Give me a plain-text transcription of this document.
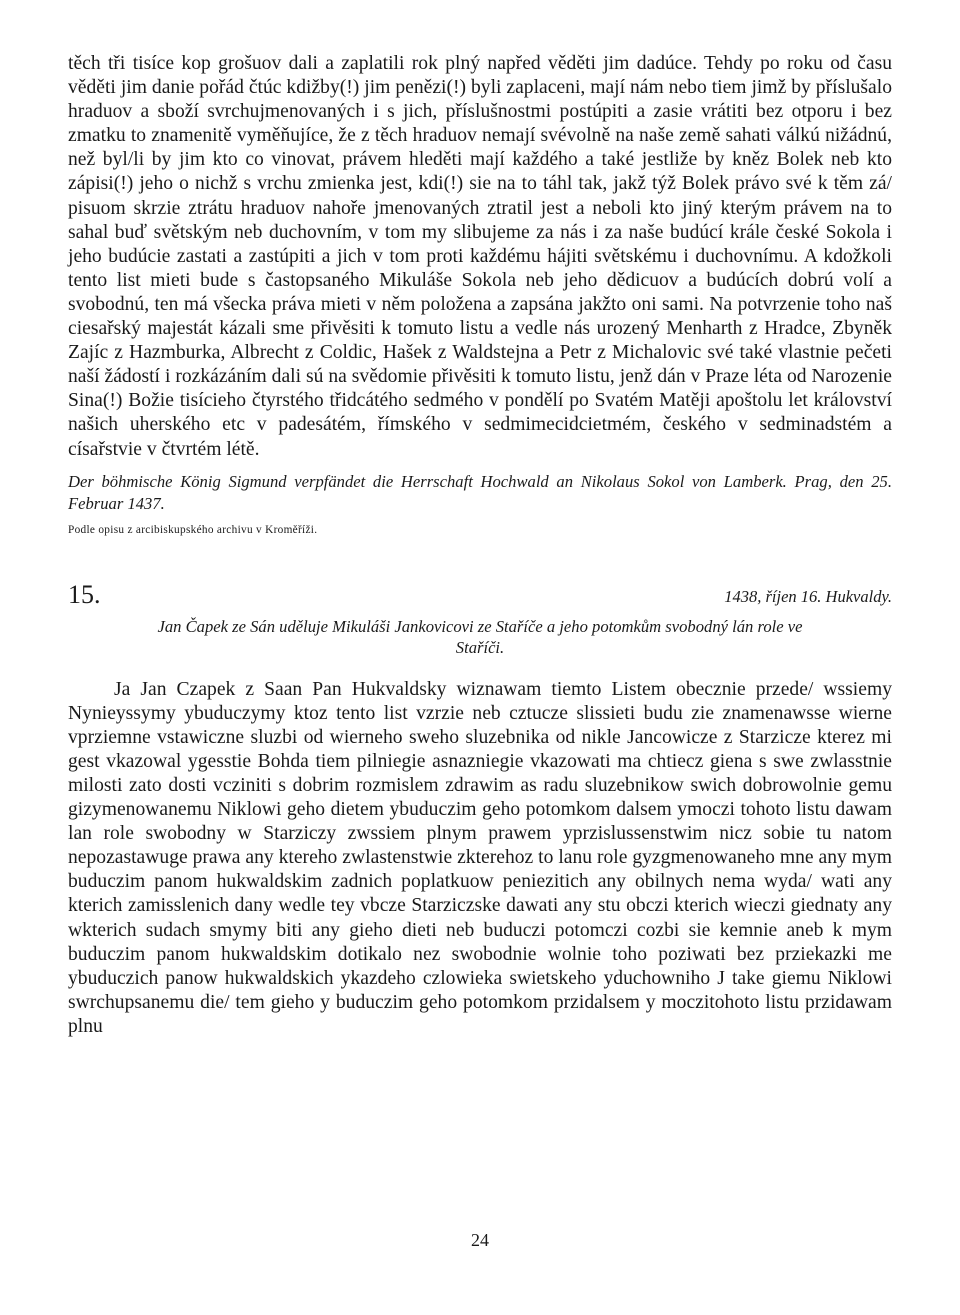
těch tři tisíce kop grošuov dali a zaplatili rok plný napřed věděti jim dadúce. Tehdy po roku od času věděti jim danie pořád čtúc kdižby(!) jim penězi(!) byli zaplaceni, mají nám nebo tiem jimž by příslušalo hraduov a sboží svrchujmenovaných i s jich, příslušnostmi postúpiti a zasie vrátiti bez otporu i bez zmatku to znamenitě vyměňujíce, že z těch hraduov nemají svévolně na naše země sahati válkú nižádnú, než byl/li by jim kto co vinovat, právem hleděti mají každého a také jestliže by kněz Bolek neb kto zápisi(!) jeho o nichž s vrchu zmienka jest, kdi(!) sie na to táhl tak, jakž týž Bolek právo své k těm zá/ pisuom skrzie ztrátu hraduov nahoře jmenovaných ztratil jest a neboli kto jiný kterým právem na to sahal buď světským neb duchovním, v tom my slibujeme za nás i za naše budúcí krále české Sokola i jeho budúcie zastati a zastúpiti a jich v tom proti každému hájiti světskému i duchovnímu. A kdožkoli tento list mieti bude s častopsaného Mikuláše Sokola neb jeho dědicuov a budúcích dobrú volí a svobodnú, ten má všecka práva mieti v něm položena a zapsána jakžto oni sami. Na potvrzenie toho naš ciesařský majestát kázali sme přivěsiti k tomuto listu a vedle nás urozený Menharth z Hradce, Zbyněk Zajíc z Hazmburka, Albrecht z Coldic, Hašek z Waldstejna a Petr z Michalovic své také vlastnie pečeti naší žádostí i rozkázáním dali sú na svědomie přivěsiti k tomuto listu, jenž dán v Praze léta od Narozenie Sina(!) Božie tisícieho čtyrstého třidcátého sedmého v pondělí po Svatém Matěji apoštolu let království našich uherského etc v padesátém, římského v sedmimecidcietmém, českého v sedminadstém a císařstvie v čtvrtém létě.

Der böhmische König Sigmund verpfändet die Herrschaft Hochwald an Nikolaus Sokol von Lamberk. Prag, den 25. Februar 1437.

Podle opisu z arcibiskupského archivu v Kroměříži.

15.	1438, říjen 16. Hukvaldy.

Jan Čapek ze Sán uděluje Mikuláši Jankovicovi ze Staříče a jeho potomkům svobodný lán role ve Staříči.

Ja Jan Czapek z Saan Pan Hukvaldsky wiznawam tiemto Listem obecznie przede/ wssiemy Nynieyssymy ybuduczymy ktoz tento list vzrzie neb cztucze slissieti budu zie znamenawsse wierne vprziemne vstawiczne sluzbi od wierneho sweho sluzebnika od nikle Jancowicze z Starzicze kterez mi gest vkazowal ygesstie Bohda tiem pilniegie asnazniegie vkazowati ma chtiecz giena s swe zwlasstnie milosti zato dosti vcziniti s dobrim rozmislem zdrawim as radu sluzebnikow swich dobrowolnie gemu gizymenowanemu Niklowi geho dietem ybuduczim geho potomkom dalsem ymoczi tohoto listu dawam lan role swobodny w Starziczy zwssiem plnym prawem yprzislussenstwim nicz sobie tu natom nepozastawuge prawa any ktereho zwlastenstwie zkterehoz to lanu role gyzgmenowaneho mne any mym buduczim panom hukwaldskim zadnich poplatkuow peniezitich any obilnych nema wyda/ wati any kterich zamisslenich dany wedle tey vbcze Starziczske dawati any stu obczi kterich wieczi giednaty any wkterich sudach smymy biti any gieho dieti neb buduczi potomczi cozbi sie kemnie aneb k mym buduczim panom hukwaldskim dotikalo nez swobodnie wolnie toho poziwati bez prziekazki me ybuduczich panow hukwaldskich ykazdeho czlowieka swietskeho yduchowniho J take giemu Niklowi swrchupsanemu die/ tem gieho y buduczim geho potomkom przidalsem y moczitohoto listu przidawam plnu

24
